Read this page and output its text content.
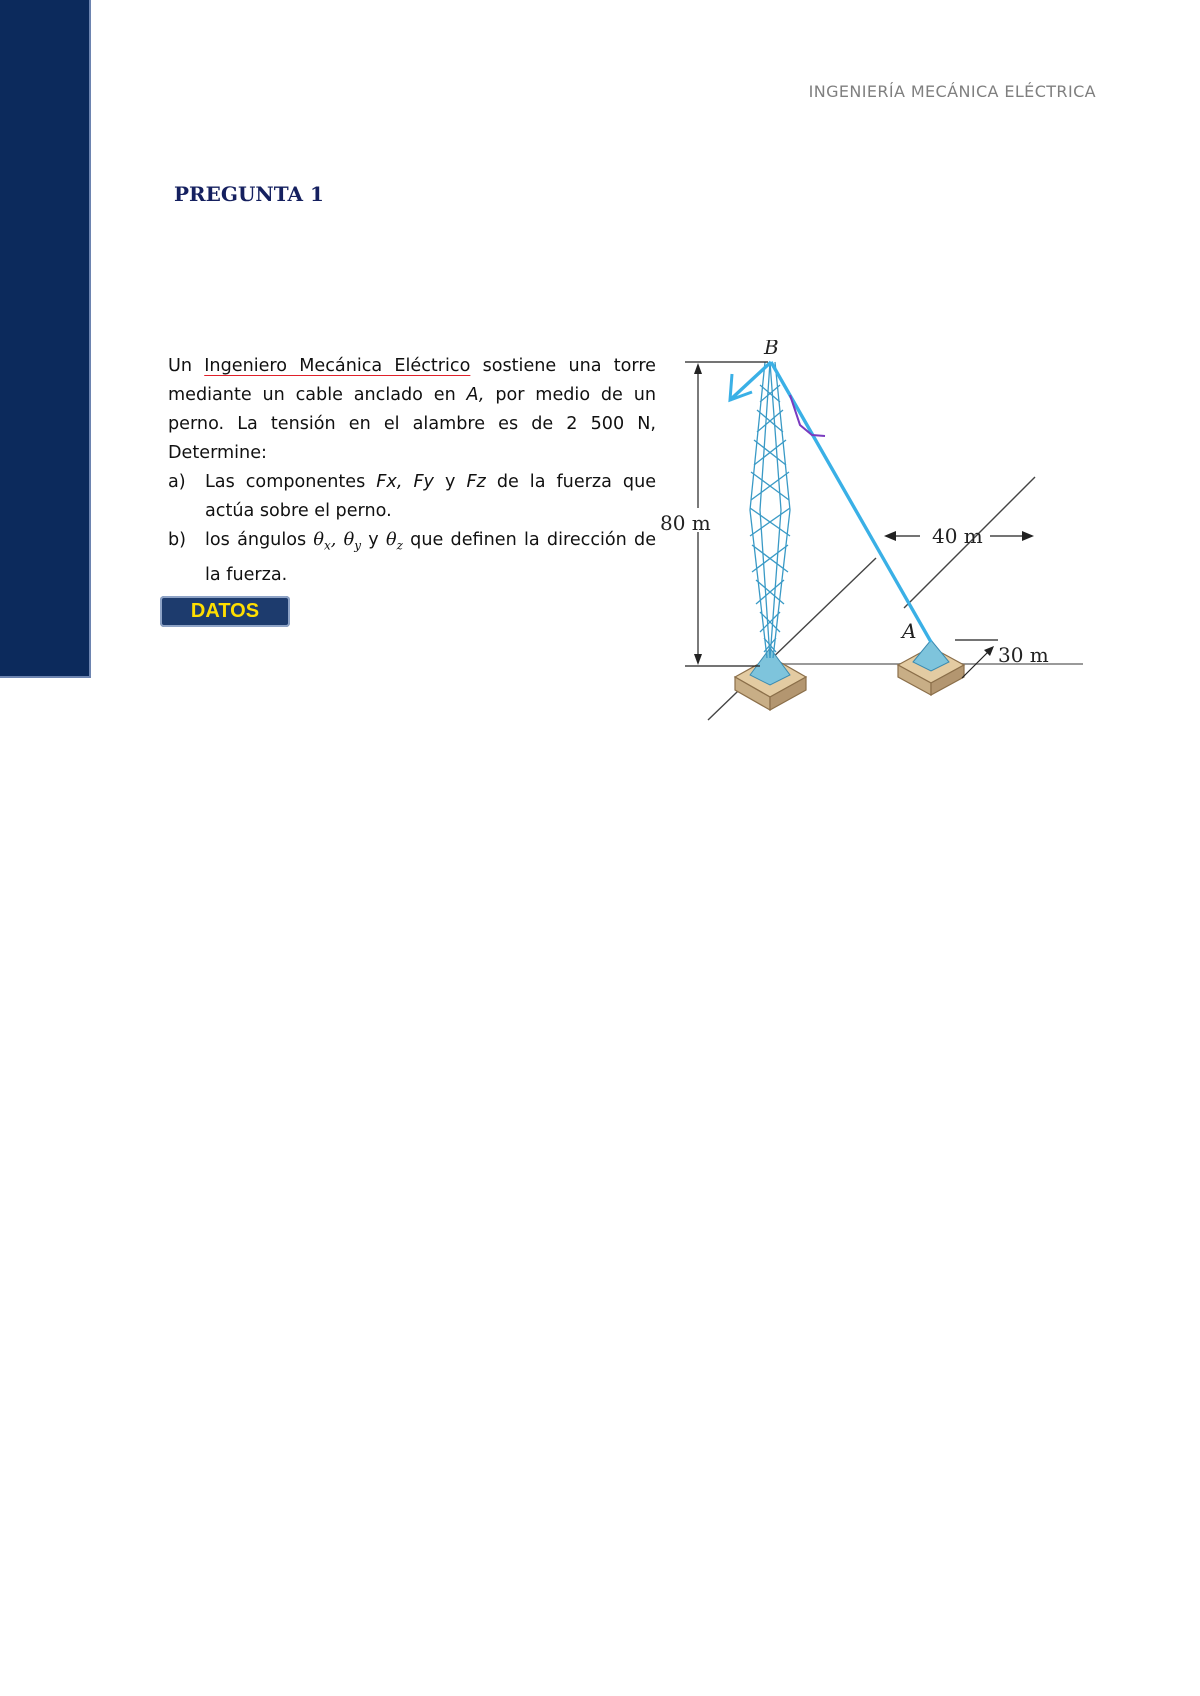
INGENIERÍA MECÁNICA ELÉCTRICA
PREGUNTA 1

Un Ingeniero Mecánica Eléctrico sostiene una torre mediante un cable anclado en A, por medio de un perno. La tensión en el alambre es de 2 500 N, Determine:

a)	Las componentes Fx, Fy y Fz de la fuerza que actúa sobre el perno.
b)	los ángulos $\theta_x$, $\theta_y$ y $\theta_z$ que definen la dirección de la fuerza.
DATOS
80 m
40 m
30 m
B
A
